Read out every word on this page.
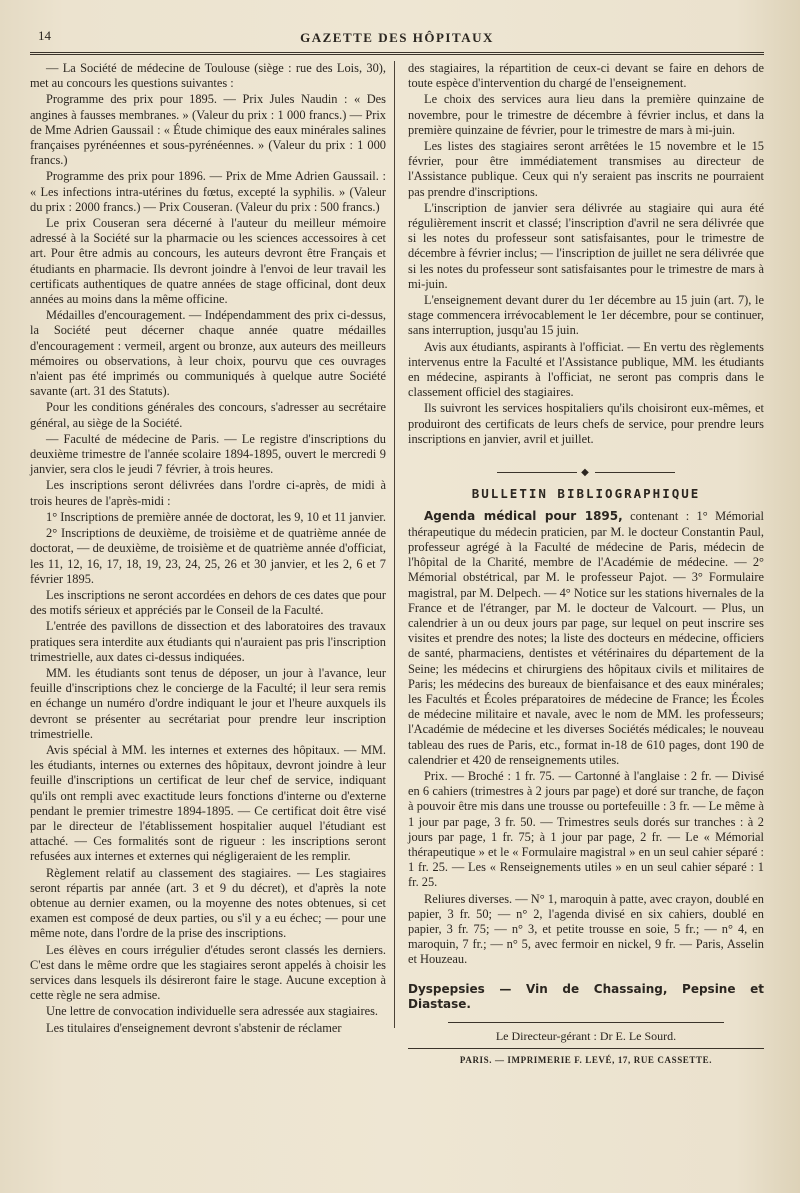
14	GAZETTE DES HÔPITAUX

— La Société de médecine de Toulouse (siège : rue des Lois, 30), met au concours les questions suivantes :

Programme des prix pour 1895. — Prix Jules Naudin : « Des angines à fausses membranes. » (Valeur du prix : 1 000 francs.) — Prix de Mme Adrien Gaussail : « Étude chimique des eaux minérales salines françaises pyrénéennes et sous-pyrénéennes. » (Valeur du prix : 1 000 francs.)

Programme des prix pour 1896. — Prix de Mme Adrien Gaussail. : « Les infections intra-utérines du fœtus, excepté la syphilis. » (Valeur du prix : 2000 francs.) — Prix Couseran. (Valeur du prix : 500 francs.)

Le prix Couseran sera décerné à l'auteur du meilleur mémoire adressé à la Société sur la pharmacie ou les sciences accessoires à cet art. Pour être admis au concours, les auteurs devront être Français et étudiants en pharmacie. Ils devront joindre à l'envoi de leur travail les certificats authentiques de quatre années de stage officinal, dont deux années au moins dans la même officine.

Médailles d'encouragement. — Indépendamment des prix ci-dessus, la Société peut décerner chaque année quatre médailles d'encouragement : vermeil, argent ou bronze, aux auteurs des meilleurs mémoires ou observations, à leur choix, pourvu que ces ouvrages n'aient pas été imprimés ou communiqués à quelque autre Société savante (art. 31 des Statuts).

Pour les conditions générales des concours, s'adresser au secrétaire général, au siège de la Société.

— Faculté de médecine de Paris. — Le registre d'inscriptions du deuxième trimestre de l'année scolaire 1894-1895, ouvert le mercredi 9 janvier, sera clos le jeudi 7 février, à trois heures.

Les inscriptions seront délivrées dans l'ordre ci-après, de midi à trois heures de l'après-midi :

1° Inscriptions de première année de doctorat, les 9, 10 et 11 janvier.

2° Inscriptions de deuxième, de troisième et de quatrième année de doctorat, — de deuxième, de troisième et de quatrième année d'officiat, les 11, 12, 16, 17, 18, 19, 23, 24, 25, 26 et 30 janvier, et les 2, 6 et 7 février 1895.

Les inscriptions ne seront accordées en dehors de ces dates que pour des motifs sérieux et appréciés par le Conseil de la Faculté.

L'entrée des pavillons de dissection et des laboratoires des travaux pratiques sera interdite aux étudiants qui n'auraient pas pris l'inscription trimestrielle, aux dates ci-dessus indiquées.

MM. les étudiants sont tenus de déposer, un jour à l'avance, leur feuille d'inscriptions chez le concierge de la Faculté; il leur sera remis en échange un numéro d'ordre indiquant le jour et l'heure auxquels ils devront se présenter au secrétariat pour prendre leur inscription trimestrielle.

Avis spécial à MM. les internes et externes des hôpitaux. — MM. les étudiants, internes ou externes des hôpitaux, devront joindre à leur feuille d'inscriptions un certificat de leur chef de service, indiquant qu'ils ont rempli avec exactitude leurs fonctions d'interne ou d'externe pendant le premier trimestre 1894-1895. — Ce certificat doit être visé par le directeur de l'établissement hospitalier auquel l'étudiant est attaché. — Ces formalités sont de rigueur : les inscriptions seront refusées aux internes et externes qui négligeraient de les remplir.

Règlement relatif au classement des stagiaires. — Les stagiaires seront répartis par année (art. 3 et 9 du décret), et d'après la note obtenue au dernier examen, ou la moyenne des notes obtenues, si cet examen est composé de deux parties, ou s'il y a eu échec; — pour une même note, dans l'ordre de la prise des inscriptions.

Les élèves en cours irrégulier d'études seront classés les derniers. C'est dans le même ordre que les stagiaires seront appelés à choisir les services dans lesquels ils désireront faire le stage. Aucune exception à cette règle ne sera admise.

Une lettre de convocation individuelle sera adressée aux stagiaires.

Les titulaires d'enseignement devront s'abstenir de réclamer

des stagiaires, la répartition de ceux-ci devant se faire en dehors de toute espèce d'intervention du chargé de l'enseignement.

Le choix des services aura lieu dans la première quinzaine de novembre, pour le trimestre de décembre à février inclus, et dans la première quinzaine de février, pour le trimestre de mars à mi-juin.

Les listes des stagiaires seront arrêtées le 15 novembre et le 15 février, pour être immédiatement transmises au directeur de l'Assistance publique. Ceux qui n'y seraient pas inscrits ne pourraient pas prendre d'inscriptions.

L'inscription de janvier sera délivrée au stagiaire qui aura été régulièrement inscrit et classé; l'inscription d'avril ne sera délivrée que si les notes du professeur sont satisfaisantes, pour le trimestre de décembre à février inclus; — l'inscription de juillet ne sera délivrée que si les notes du professeur sont satisfaisantes pour le trimestre de mars à mi-juin.

L'enseignement devant durer du 1er décembre au 15 juin (art. 7), le stage commencera irrévocablement le 1er décembre, pour se continuer, sans interruption, jusqu'au 15 juin.

Avis aux étudiants, aspirants à l'officiat. — En vertu des règlements intervenus entre la Faculté et l'Assistance publique, MM. les étudiants en médecine, aspirants à l'officiat, ne seront pas compris dans le classement officiel des stagiaires.

Ils suivront les services hospitaliers qu'ils choisiront eux-mêmes, et produiront des certificats de leurs chefs de service, pour prendre leurs inscriptions en janvier, avril et juillet.

◆
BULLETIN BIBLIOGRAPHIQUE

Agenda médical pour 1895, contenant : 1° Mémorial thérapeutique du médecin praticien, par M. le docteur Constantin Paul, professeur agrégé à la Faculté de médecine de Paris, médecin de l'hôpital de la Charité, membre de l'Académie de médecine. — 2° Mémorial obstétrical, par M. le professeur Pajot. — 3° Formulaire magistral, par M. Delpech. — 4° Notice sur les stations hivernales de la France et de l'étranger, par M. le docteur de Valcourt. — Plus, un calendrier à un ou deux jours par page, sur lequel on peut inscrire ses visites et prendre des notes; la liste des docteurs en médecine, officiers de santé, pharmaciens, dentistes et vétérinaires du département de la Seine; les médecins et chirurgiens des hôpitaux civils et militaires de Paris; les médecins des bureaux de bienfaisance et des eaux minérales; les Facultés et Écoles préparatoires de médecine de France; les Écoles de médecine militaire et navale, avec le nom de MM. les professeurs; l'Académie de médecine et les diverses Sociétés médicales; le nouveau tableau des rues de Paris, etc., format in-18 de 610 pages, dont 190 de calendrier et 420 de renseignements utiles.

Prix. — Broché : 1 fr. 75. — Cartonné à l'anglaise : 2 fr. — Divisé en 6 cahiers (trimestres à 2 jours par page) et doré sur tranche, de façon à pouvoir être mis dans une trousse ou portefeuille : 3 fr. — Le même à 1 jour par page, 3 fr. 50. — Trimestres seuls dorés sur tranches : à 2 jours par page, 1 fr. 75; à 1 jour par page, 2 fr. — Le « Mémorial thérapeutique » et le « Formulaire magistral » en un seul cahier séparé : 1 fr. 25. — Les « Renseignements utiles » en un seul cahier séparé : 1 fr. 25.

Reliures diverses. — N° 1, maroquin à patte, avec crayon, doublé en papier, 3 fr. 50; — n° 2, l'agenda divisé en six cahiers, doublé en papier, 3 fr. 75; — n° 3, et petite trousse en soie, 5 fr.; — n° 4, en maroquin, 7 fr.; — n° 5, avec fermoir en nickel, 9 fr. — Paris, Asselin et Houzeau.

Dyspepsies — Vin de Chassaing, Pepsine et Diastase.

Le Directeur-gérant : Dr E. Le Sourd.
PARIS. — IMPRIMERIE F. LEVÉ, 17, RUE CASSETTE.
